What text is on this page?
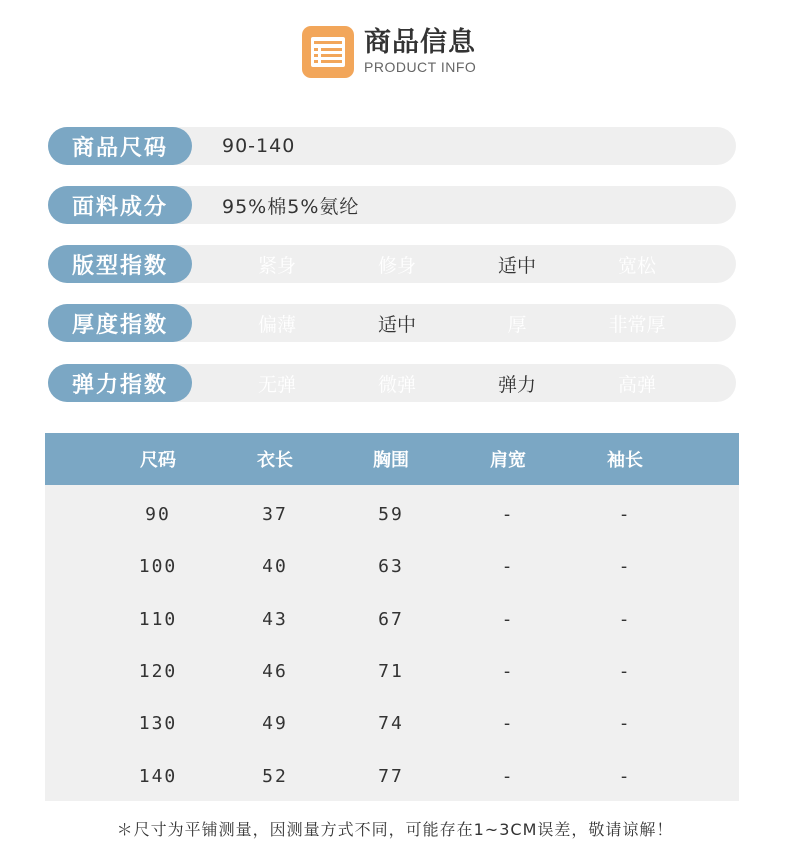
商品信息
PRODUCT INFO
商品尺码	90-140
面料成分	95%棉5%氨纶
版型指数	紧身	修身	适中	宽松
厚度指数	偏薄	适中	厚	非常厚
弹力指数	无弹	微弹	弹力	高弹
尺码	衣长	胸围	肩宽	袖长
90	37	59	-	-
100	40	63	-	-
110	43	67	-	-
120	46	71	-	-
130	49	74	-	-
140	52	77	-	-
＊尺寸为平铺测量，因测量方式不同，可能存在1~3CM误差，敬请谅解！
